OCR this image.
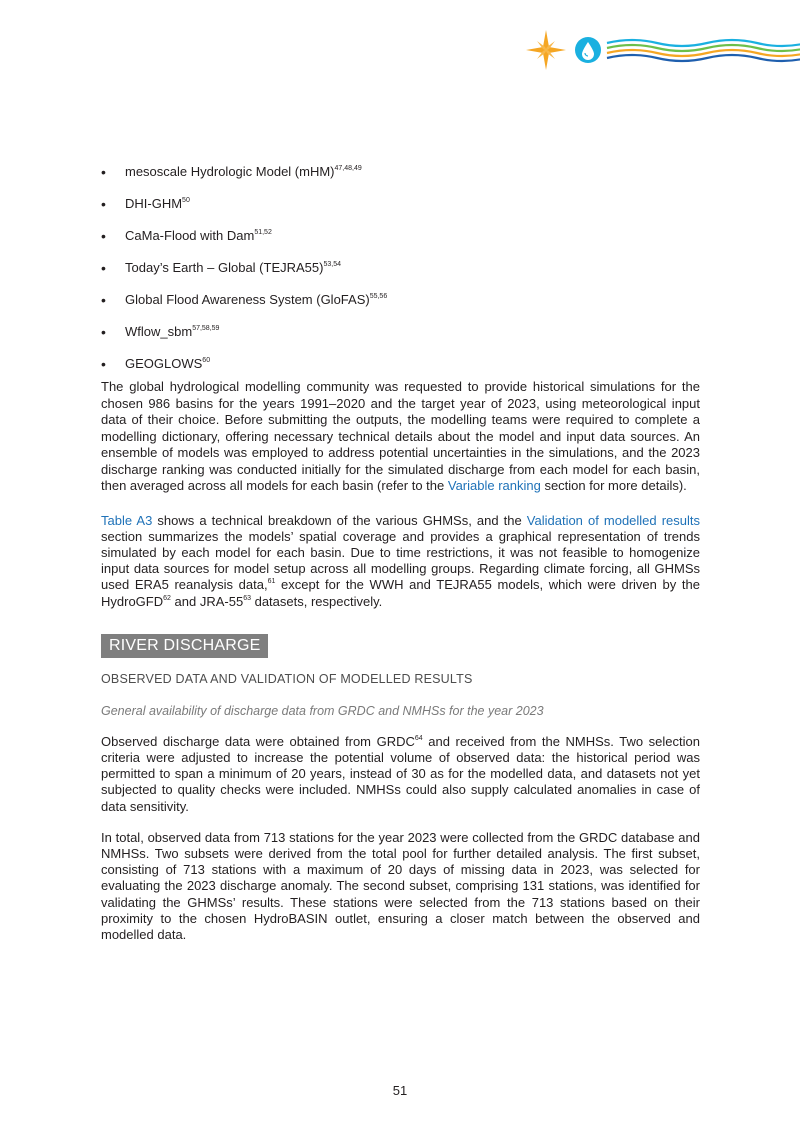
• mesoscale Hydrologic Model (mHM)$^{47,48,49}$
• DHI-GHM$^{50}$
• CaMa-Flood with Dam$^{51,52}$
• Today’s Earth – Global (TEJRA55)$^{53,54}$
• Global Flood Awareness System (GloFAS)$^{55,56}$
• Wflow_sbm$^{57,58,59}$
• GEOGLOWS$^{60}$

The global hydrological modelling community was requested to provide historical simulations for the chosen 986 basins for the years 1991–2020 and the target year of 2023, using meteorological input data of their choice. Before submitting the outputs, the modelling teams were required to complete a modelling dictionary, offering necessary technical details about the model and input data sources. An ensemble of models was employed to address potential uncertainties in the simulations, and the 2023 discharge ranking was conducted initially for the simulated discharge from each model for each basin, then averaged across all models for each basin (refer to the Variable ranking section for more details).

Table A3 shows a technical breakdown of the various GHMSs, and the Validation of modelled results section summarizes the models’ spatial coverage and provides a graphical representation of trends simulated by each model for each basin. Due to time restrictions, it was not feasible to homogenize input data sources for model setup across all modelling groups. Regarding climate forcing, all GHMSs used ERA5 reanalysis data,$^{61}$ except for the WWH and TEJRA55 models, which were driven by the HydroGFD$^{62}$ and JRA-$55^{63}$ datasets, respectively.

RIVER DISCHARGE
OBSERVED DATA AND VALIDATION OF MODELLED RESULTS
General availability of discharge data from GRDC and NMHSs for the year 2023

Observed discharge data were obtained from GRDC$^{64}$ and received from the NMHSs. Two selection criteria were adjusted to increase the potential volume of observed data: the historical period was permitted to span a minimum of 20 years, instead of 30 as for the modelled data, and datasets not yet subjected to quality checks were included. NMHSs could also supply calculated anomalies in case of data sensitivity.

In total, observed data from 713 stations for the year 2023 were collected from the GRDC database and NMHSs. Two subsets were derived from the total pool for further detailed analysis. The first subset, consisting of 713 stations with a maximum of 20 days of missing data in 2023, was selected for evaluating the 2023 discharge anomaly. The second subset, comprising 131 stations, was identified for validating the GHMSs’ results. These stations were selected from the 713 stations based on their proximity to the chosen HydroBASIN outlet, ensuring a closer match between the observed and modelled data.

51
